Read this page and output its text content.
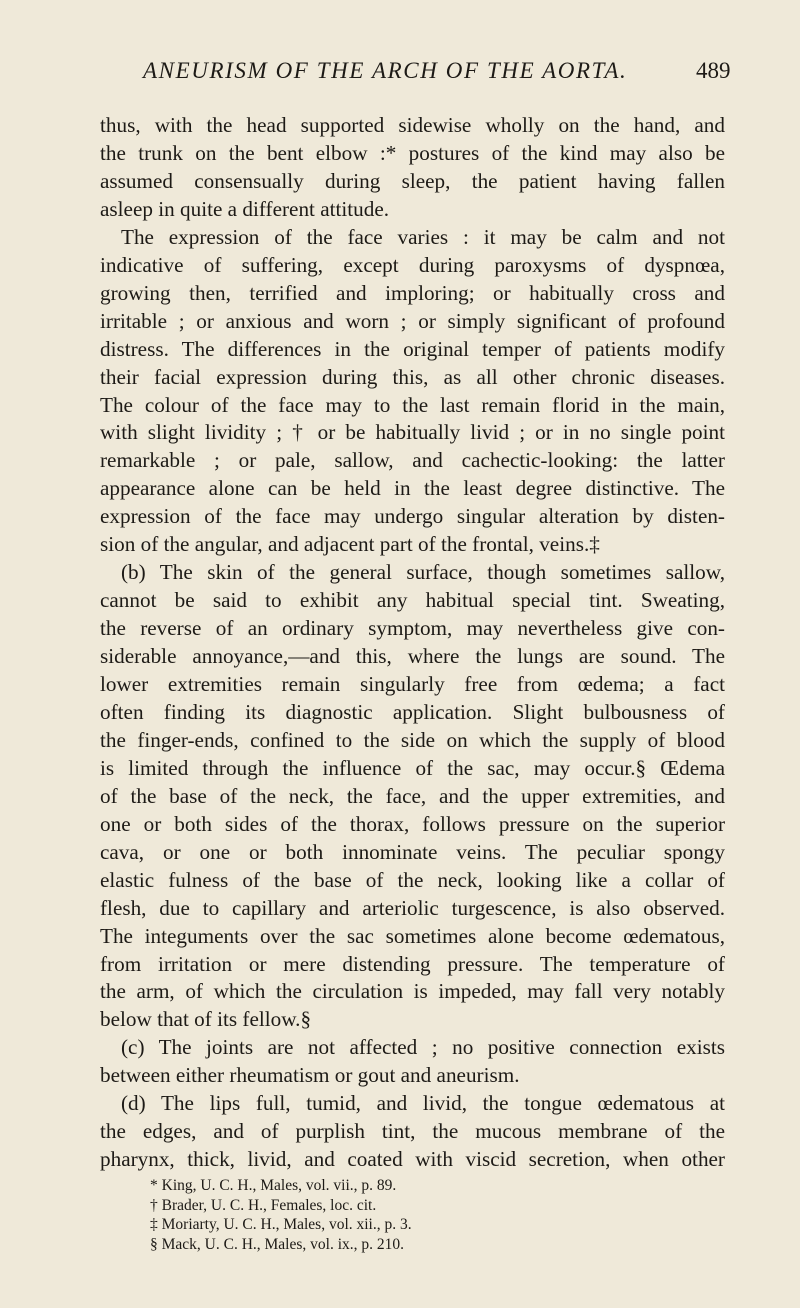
ANEURISM OF THE ARCH OF THE AORTA.	489
thus, with the head supported sidewise wholly on the hand, and
the trunk on the bent elbow :* postures of the kind may also be
assumed consensually during sleep, the patient having fallen
asleep in quite a different attitude.
The expression of the face varies : it may be calm and not
indicative of suffering, except during paroxysms of dyspnœa,
growing then, terrified and imploring; or habitually cross and
irritable ; or anxious and worn ; or simply significant of profound
distress. The differences in the original temper of patients modify
their facial expression during this, as all other chronic diseases.
The colour of the face may to the last remain florid in the main,
with slight lividity ; † or be habitually livid ; or in no single point
remarkable ; or pale, sallow, and cachectic-looking: the latter
appearance alone can be held in the least degree distinctive. The
expression of the face may undergo singular alteration by disten-
sion of the angular, and adjacent part of the frontal, veins.‡
(b) The skin of the general surface, though sometimes sallow,
cannot be said to exhibit any habitual special tint. Sweating,
the reverse of an ordinary symptom, may nevertheless give con-
siderable annoyance,—and this, where the lungs are sound. The
lower extremities remain singularly free from œdema; a fact
often finding its diagnostic application. Slight bulbousness of
the finger-ends, confined to the side on which the supply of blood
is limited through the influence of the sac, may occur.§ Œdema
of the base of the neck, the face, and the upper extremities, and
one or both sides of the thorax, follows pressure on the superior
cava, or one or both innominate veins. The peculiar spongy
elastic fulness of the base of the neck, looking like a collar of
flesh, due to capillary and arteriolic turgescence, is also observed.
The integuments over the sac sometimes alone become œdematous,
from irritation or mere distending pressure. The temperature of
the arm, of which the circulation is impeded, may fall very notably
below that of its fellow.§
(c) The joints are not affected ; no positive connection exists
between either rheumatism or gout and aneurism.
(d) The lips full, tumid, and livid, the tongue œdematous at
the edges, and of purplish tint, the mucous membrane of the
pharynx, thick, livid, and coated with viscid secretion, when other
* King, U. C. H., Males, vol. vii., p. 89.
† Brader, U. C. H., Females, loc. cit.
‡ Moriarty, U. C. H., Males, vol. xii., p. 3.
§ Mack, U. C. H., Males, vol. ix., p. 210.
